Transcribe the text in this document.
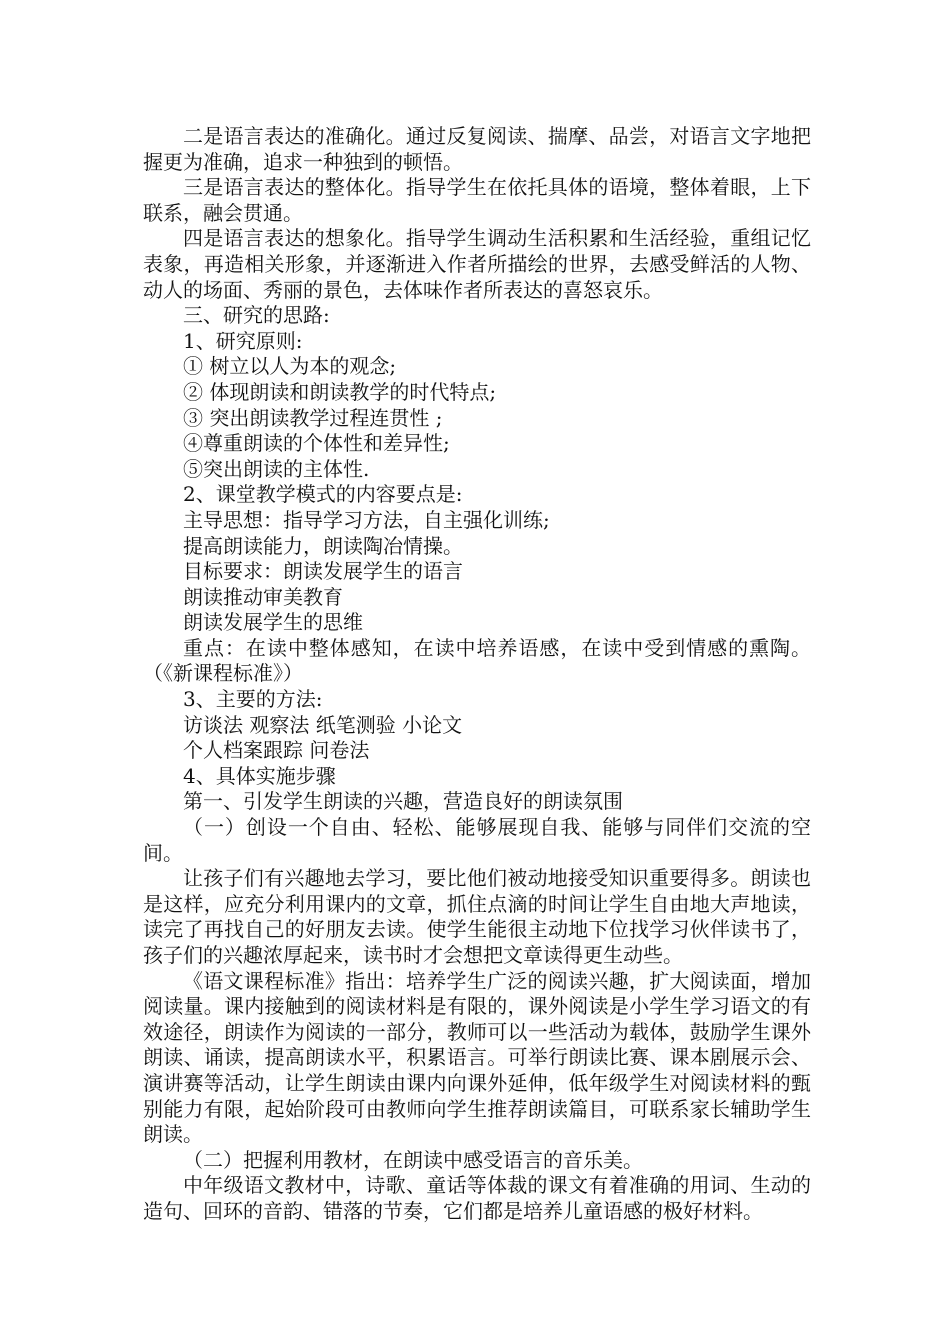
二是语言表达的准确化。通过反复阅读、揣摩、品尝，对语言文字地把握更为准确，追求一种独到的顿悟。

三是语言表达的整体化。指导学生在依托具体的语境，整体着眼，上下联系，融会贯通。

四是语言表达的想象化。指导学生调动生活积累和生活经验，重组记忆表象，再造相关形象，并逐渐进入作者所描绘的世界，去感受鲜活的人物、动人的场面、秀丽的景色，去体味作者所表达的喜怒哀乐。

三、研究的思路:

1、研究原则:

① 树立以人为本的观念;

② 体现朗读和朗读教学的时代特点;

③ 突出朗读教学过程连贯性 ;

④尊重朗读的个体性和差异性;

⑤突出朗读的主体性.

2、课堂教学模式的内容要点是:

主导思想：指导学习方法，自主强化训练;

提高朗读能力，朗读陶冶情操。

目标要求：朗读发展学生的语言

朗读推动审美教育

朗读发展学生的思维

重点：在读中整体感知，在读中培养语感，在读中受到情感的熏陶。（《新课程标准》）

3、主要的方法:

访谈法 观察法 纸笔测验 小论文

个人档案跟踪 问卷法

4、具体实施步骤

第一、引发学生朗读的兴趣，营造良好的朗读氛围

（一）创设一个自由、轻松、能够展现自我、能够与同伴们交流的空间。

让孩子们有兴趣地去学习，要比他们被动地接受知识重要得多。朗读也是这样，应充分利用课内的文章，抓住点滴的时间让学生自由地大声地读，读完了再找自己的好朋友去读。使学生能很主动地下位找学习伙伴读书了，孩子们的兴趣浓厚起来，读书时才会想把文章读得更生动些。

《语文课程标准》指出：培养学生广泛的阅读兴趣，扩大阅读面，增加阅读量。课内接触到的阅读材料是有限的，课外阅读是小学生学习语文的有效途径，朗读作为阅读的一部分，教师可以一些活动为载体，鼓励学生课外朗读、诵读，提高朗读水平，积累语言。可举行朗读比赛、课本剧展示会、演讲赛等活动，让学生朗读由课内向课外延伸，低年级学生对阅读材料的甄别能力有限，起始阶段可由教师向学生推荐朗读篇目，可联系家长辅助学生朗读。

（二）把握利用教材，在朗读中感受语言的音乐美。

中年级语文教材中，诗歌、童话等体裁的课文有着准确的用词、生动的造句、回环的音韵、错落的节奏，它们都是培养儿童语感的极好材料。
